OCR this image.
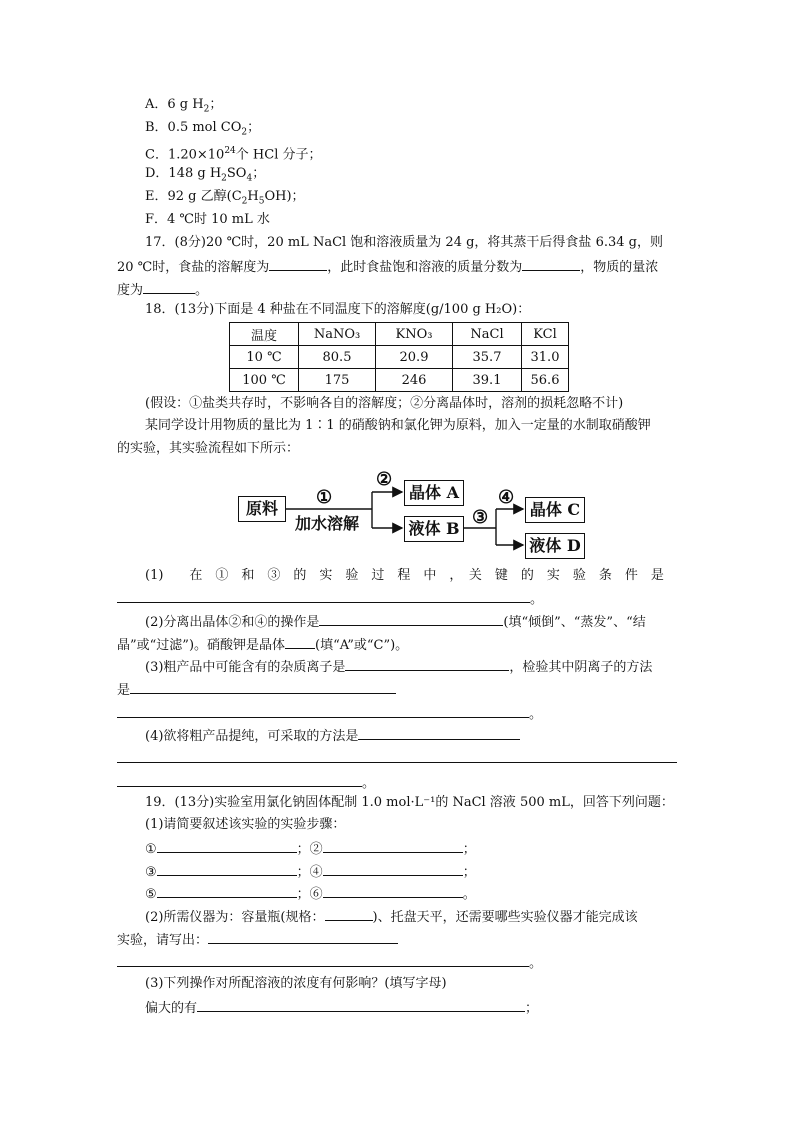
A．6 g $H_2$；
B．0.5 mol $CO_2$；
C．$1.20\times 10^{24}$个 HCl 分子；
D．148 g $H_2SO_4$；
E．92 g 乙醇$(C_2H_5OH)$；
F．4 ℃时 10 mL 水
17．(8分)20 ℃时，20 mL NaCl 饱和溶液质量为 24 g，将其蒸干后得食盐 6.34 g，则
20 ℃时，食盐的溶解度为	，此时食盐饱和溶液的质量分数为	，物质的量浓
度为	。
18．(13分)下面是 4 种盐在不同温度下的溶解度(g/100 g H₂O)：
温度	NaNO₃	KNO₃	NaCl	KCl
10 ℃	80.5	20.9	35.7	31.0
100 ℃	175	246	39.1	56.6
(假设：①盐类共存时，不影响各自的溶解度；②分离晶体时，溶剂的损耗忽略不计)
某同学设计用物质的量比为 1∶1 的硝酸钠和氯化钾为原料，加入一定量的水制取硝酸钾
的实验，其实验流程如下所示：
原料
①
加水溶解
②
晶体 A
液体 B
③
④
晶体 C
液体 D
(1)　　在　①　和　③　的　实　验　过　程　中　，　关　键　的　实　验　条　件　是
。
(2)分离出晶体②和④的操作是	(填“倾倒”、“蒸发”、“结
晶”或“过滤”)。硝酸钾是晶体 (填“A”或“C”)。
(3)粗产品中可能含有的杂质离子是	，检验其中阴离子的方法
是
。
(4)欲将粗产品提纯，可采取的方法是
。
19．(13分)实验室用氯化钠固体配制 1.0 mol·L⁻¹的 NaCl 溶液 500 mL，回答下列问题：
(1)请简要叙述该实验的实验步骤：
①	；②	；
③	；④	；
⑤	；⑥	。
(2)所需仪器为：容量瓶(规格：	)、托盘天平，还需要哪些实验仪器才能完成该
实验，请写出：
。
(3)下列操作对所配溶液的浓度有何影响？(填写字母)
偏大的有	；
